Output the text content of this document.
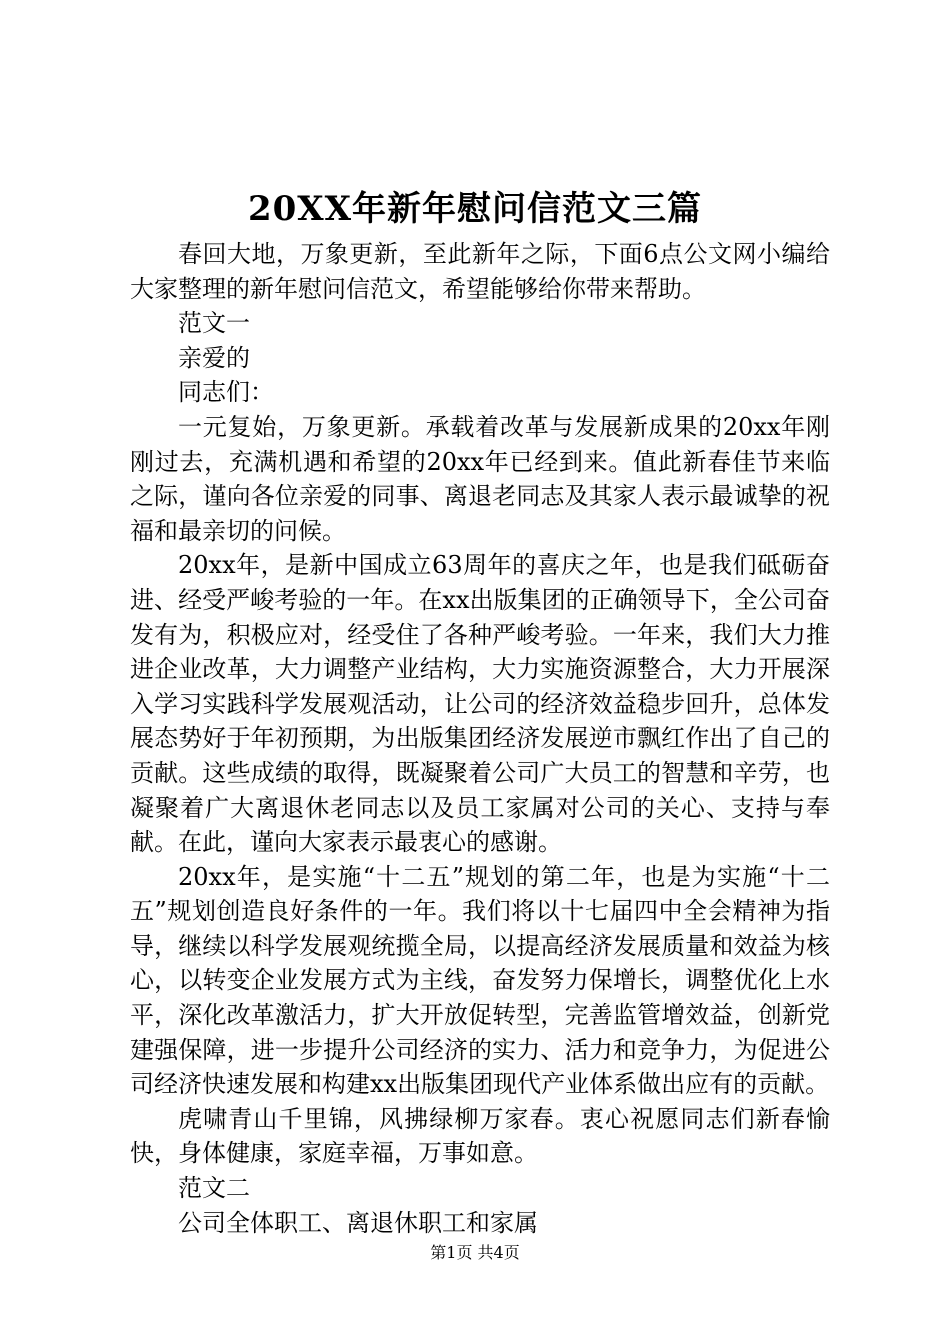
20XX年新年慰问信范文三篇

春回大地，万象更新，至此新年之际，下面6点公文网小编给大家整理的新年慰问信范文，希望能够给你带来帮助。

范文一

亲爱的

同志们：

一元复始，万象更新。承载着改革与发展新成果的20xx年刚刚过去，充满机遇和希望的20xx年已经到来。值此新春佳节来临之际，谨向各位亲爱的同事、离退老同志及其家人表示最诚挚的祝福和最亲切的问候。

20xx年，是新中国成立63周年的喜庆之年，也是我们砥砺奋进、经受严峻考验的一年。在xx出版集团的正确领导下，全公司奋发有为，积极应对，经受住了各种严峻考验。一年来，我们大力推进企业改革，大力调整产业结构，大力实施资源整合，大力开展深入学习实践科学发展观活动，让公司的经济效益稳步回升，总体发展态势好于年初预期，为出版集团经济发展逆市飘红作出了自己的贡献。这些成绩的取得，既凝聚着公司广大员工的智慧和辛劳，也凝聚着广大离退休老同志以及员工家属对公司的关心、支持与奉献。在此，谨向大家表示最衷心的感谢。

20xx年，是实施“十二五”规划的第二年，也是为实施“十二五”规划创造良好条件的一年。我们将以十七届四中全会精神为指导，继续以科学发展观统揽全局，以提高经济发展质量和效益为核心，以转变企业发展方式为主线，奋发努力保增长，调整优化上水平，深化改革激活力，扩大开放促转型，完善监管增效益，创新党建强保障，进一步提升公司经济的实力、活力和竞争力，为促进公司经济快速发展和构建xx出版集团现代产业体系做出应有的贡献。

虎啸青山千里锦，风拂绿柳万家春。衷心祝愿同志们新春愉快，身体健康，家庭幸福，万事如意。

范文二

公司全体职工、离退休职工和家属

第1页 共4页
